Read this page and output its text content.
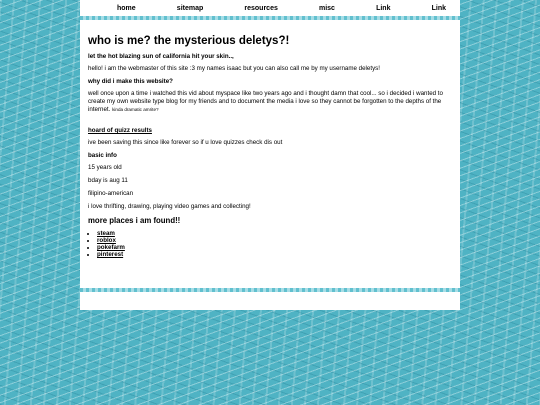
home	sitemap	resources	misc	Link	Link
who is me? the mysterious deletys?!
let the hot blazing sun of california hit your skin..,

hello! i am the webmaster of this site :3 my names isaac but you can also call me by my username deletys!

why did i make this website?

well once upon a time i watched this vid about myspace like two years ago and i thought damn that cool... so i decided i wanted to create my own website type blog for my friends and to document the media i love so they cannot be forgotten to the depths of the internet. kinda dramatic amrite?

hoard of quizz results

ive been saving this since like forever so if u love quizzes check dis out

basic info

15 years old

bday is aug 11

filipino-american

i love thrifting, drawing, playing video games and collecting!

more places i am found!!
• steam
• roblox
• pokefarm
• pinterest
